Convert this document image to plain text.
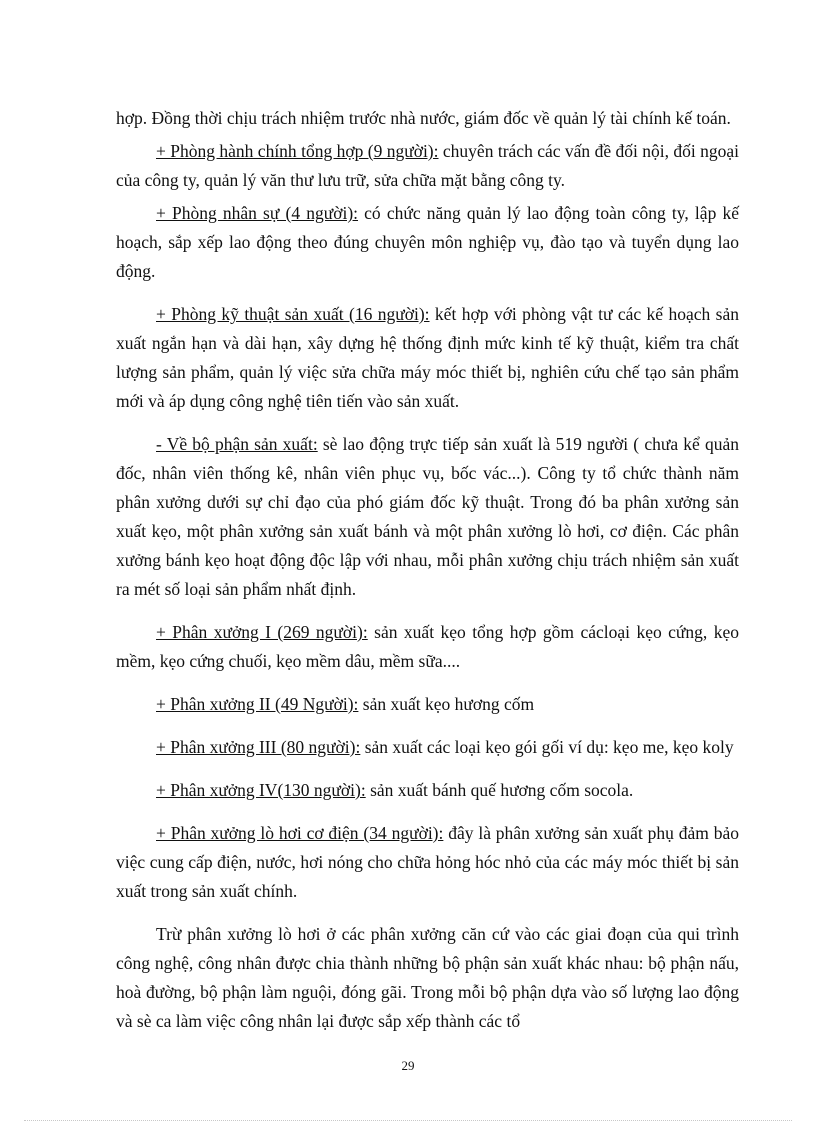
hợp. Đồng thời chịu trách nhiệm trước nhà nước, giám đốc về quản lý tài chính kế toán.

+ Phòng hành chính tổng hợp (9 người): chuyên trách các vấn đề đối nội, đối ngoại của công ty, quản lý văn thư lưu trữ, sửa chữa mặt bằng công ty.

+ Phòng nhân sự (4 người): có chức năng quản lý lao động toàn công ty, lập kế hoạch, sắp xếp lao động theo đúng chuyên môn nghiệp vụ, đào tạo và tuyển dụng lao động.

+ Phòng kỹ thuật sản xuất (16 người): kết hợp với phòng vật tư các kế hoạch sản xuất ngắn hạn và dài hạn, xây dựng hệ thống định mức kinh tế kỹ thuật, kiểm tra chất lượng sản phẩm, quản lý việc sửa chữa máy móc thiết bị, nghiên cứu chế tạo sản phẩm mới và áp dụng công nghệ tiên tiến vào sản xuất.

- Về bộ phận sản xuất: sè lao động trực tiếp sản xuất là 519 người ( chưa kể quản đốc, nhân viên thống kê, nhân viên phục vụ, bốc vác...). Công ty tổ chức thành năm phân xưởng dưới sự chỉ đạo của phó giám đốc kỹ thuật. Trong đó ba phân xưởng sản xuất kẹo, một phân xưởng sản xuất bánh và một phân xưởng lò hơi, cơ điện. Các phân xưởng bánh kẹo hoạt động độc lập với nhau, mỗi phân xưởng chịu trách nhiệm sản xuất ra mét số loại sản phẩm nhất định.

+ Phân xưởng I (269 người): sản xuất kẹo tổng hợp gồm cácloại kẹo cứng, kẹo mềm, kẹo cứng chuối, kẹo mềm dâu, mềm sữa....

+ Phân xưởng II (49 Người): sản xuất kẹo hương cốm

+ Phân xưởng III (80 người): sản xuất các loại kẹo gói gối ví dụ: kẹo me, kẹo koly

+ Phân xưởng IV(130 người): sản xuất bánh quế hương cốm socola.

+ Phân xưởng lò hơi cơ điện (34 người): đây là phân xưởng sản xuất phụ đảm bảo việc cung cấp điện, nước, hơi nóng cho chữa hỏng hóc nhỏ của các máy móc thiết bị sản xuất trong sản xuất chính.

Trừ phân xưởng lò hơi ở các phân xưởng căn cứ vào các giai đoạn của qui trình công nghệ, công nhân được chia thành những bộ phận sản xuất khác nhau: bộ phận nấu, hoà đường, bộ phận làm nguội, đóng gãi. Trong mỗi bộ phận dựa vào số lượng lao động và sè ca làm việc công nhân lại được sắp xếp thành các tổ

29
